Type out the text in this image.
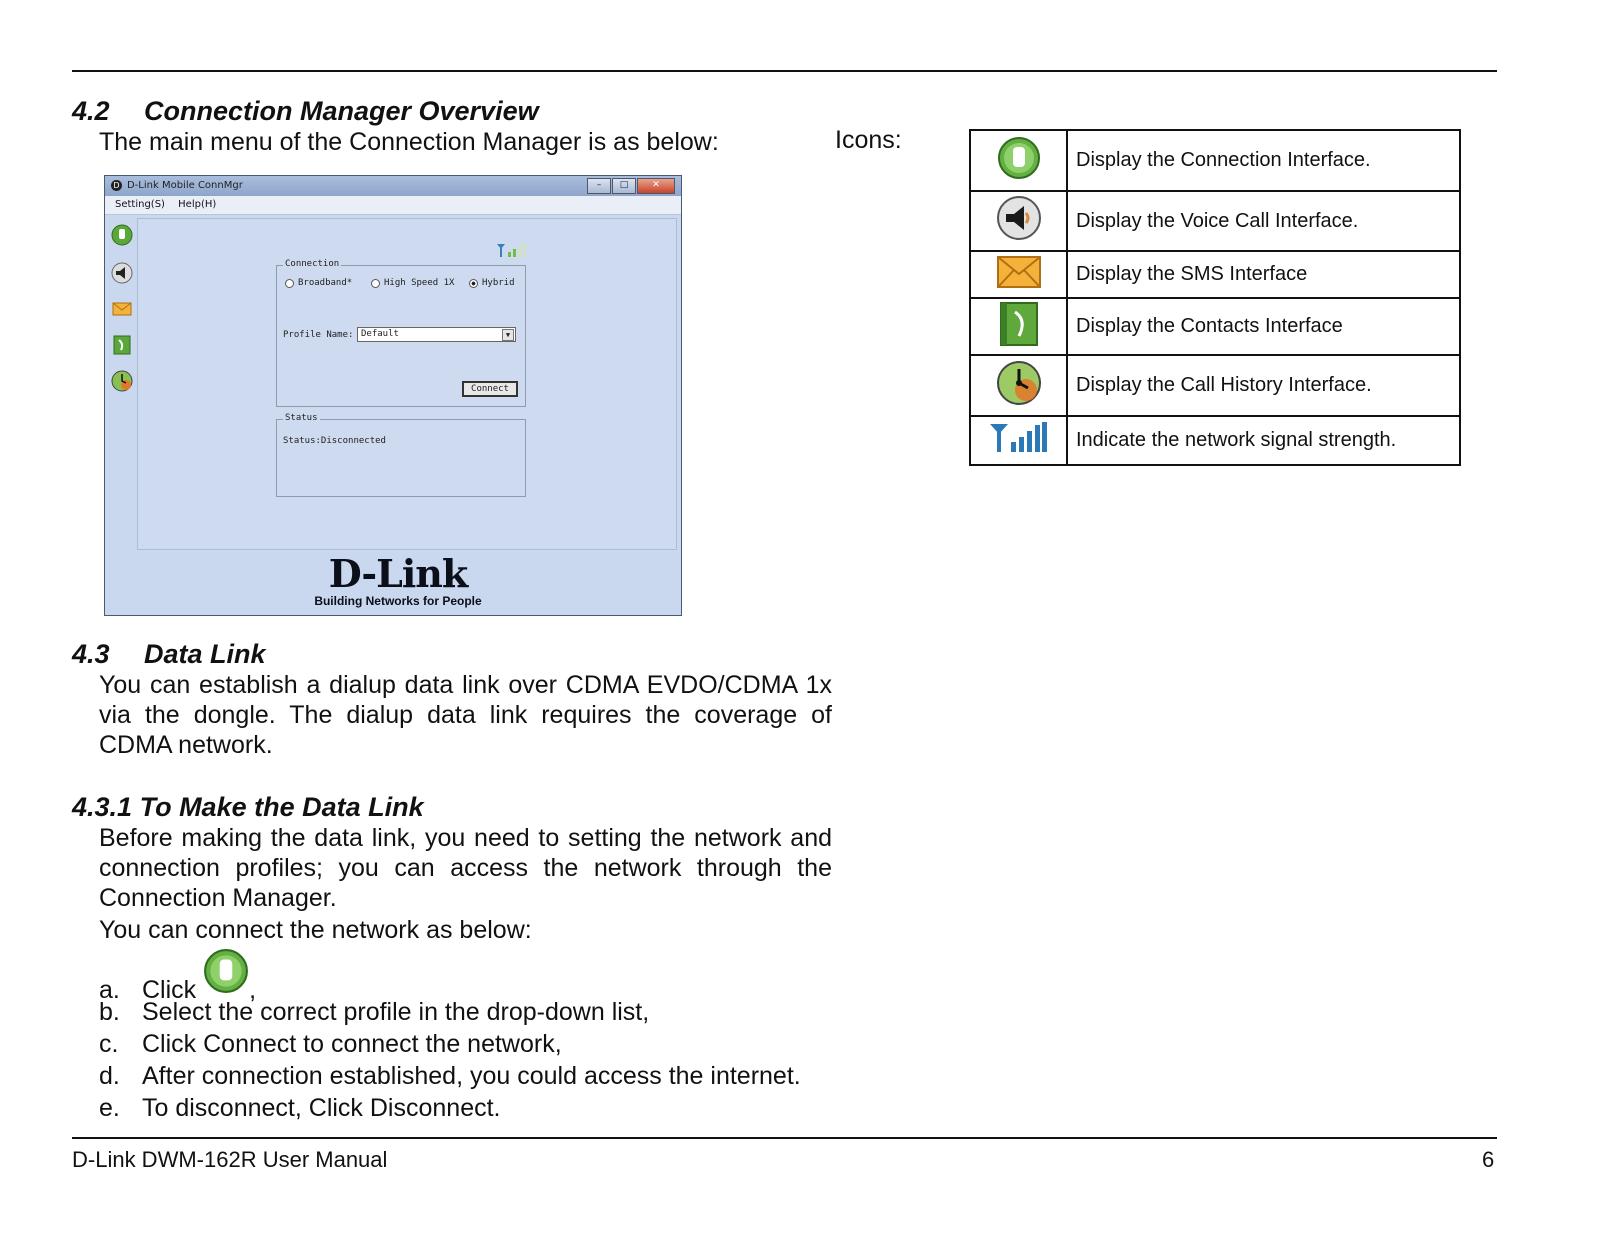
4.2 Connection Manager Overview
The main menu of the Connection Manager is as below:	Icons:
D D-Link Mobile ConnMgr	–	□	✕
Setting(S) Help(H)
Connection
Broadband*	High Speed 1X	Hybrid
Profile Name: Default	▼
Connect
Status
Status:Disconnected
D-Link
Building Networks for People
	Display the Connection Interface.
	Display the Voice Call Interface.
	Display the SMS Interface
	Display the Contacts Interface
	Display the Call History Interface.
	Indicate the network signal strength.
4.3 Data Link
You can establish a dialup data link over CDMA EVDO/CDMA 1x via the dongle. The dialup data link requires the coverage of CDMA network.
4.3.1 To Make the Data Link
Before making the data link, you need to setting the network and connection profiles; you can access the network through the Connection Manager.
You can connect the network as below:
a. Click ,
b. Select the correct profile in the drop-down list,
c. Click Connect to connect the network,
d. After connection established, you could access the internet.
e. To disconnect, Click Disconnect.
D-Link DWM-162R User Manual	6
